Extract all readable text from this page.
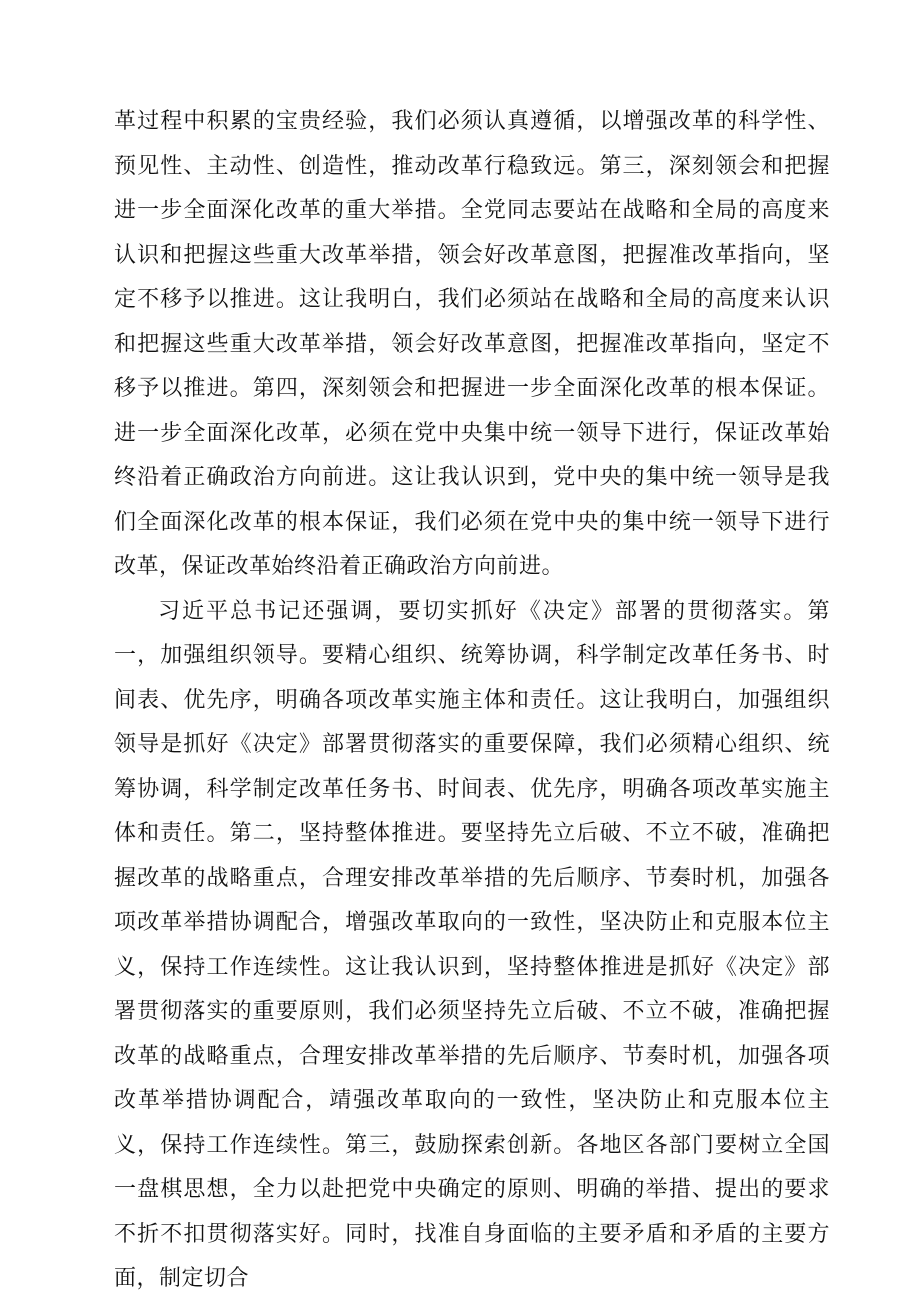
革过程中积累的宝贵经验，我们必须认真遵循，以增强改革的科学性、预见性、主动性、创造性，推动改革行稳致远。第三，深刻领会和把握进一步全面深化改革的重大举措。全党同志要站在战略和全局的高度来认识和把握这些重大改革举措，领会好改革意图，把握准改革指向，坚定不移予以推进。这让我明白，我们必须站在战略和全局的高度来认识和把握这些重大改革举措，领会好改革意图，把握准改革指向，坚定不移予以推进。第四，深刻领会和把握进一步全面深化改革的根本保证。进一步全面深化改革，必须在党中央集中统一领导下进行，保证改革始终沿着正确政治方向前进。这让我认识到，党中央的集中统一领导是我们全面深化改革的根本保证，我们必须在党中央的集中统一领导下进行改革，保证改革始终沿着正确政治方向前进。

习近平总书记还强调，要切实抓好《决定》部署的贯彻落实。第一，加强组织领导。要精心组织、统筹协调，科学制定改革任务书、时间表、优先序，明确各项改革实施主体和责任。这让我明白，加强组织领导是抓好《决定》部署贯彻落实的重要保障，我们必须精心组织、统筹协调，科学制定改革任务书、时间表、优先序，明确各项改革实施主体和责任。第二，坚持整体推进。要坚持先立后破、不立不破，准确把握改革的战略重点，合理安排改革举措的先后顺序、节奏时机，加强各项改革举措协调配合，增强改革取向的一致性，坚决防止和克服本位主义，保持工作连续性。这让我认识到，坚持整体推进是抓好《决定》部署贯彻落实的重要原则，我们必须坚持先立后破、不立不破，准确把握改革的战略重点，合理安排改革举措的先后顺序、节奏时机，加强各项改革举措协调配合，靖强改革取向的一致性，坚决防止和克服本位主义，保持工作连续性。第三，鼓励探索创新。各地区各部门要树立全国一盘棋思想，全力以赴把党中央确定的原则、明确的举措、提出的要求不折不扣贯彻落实好。同时，找准自身面临的主要矛盾和矛盾的主要方面，制定切合
